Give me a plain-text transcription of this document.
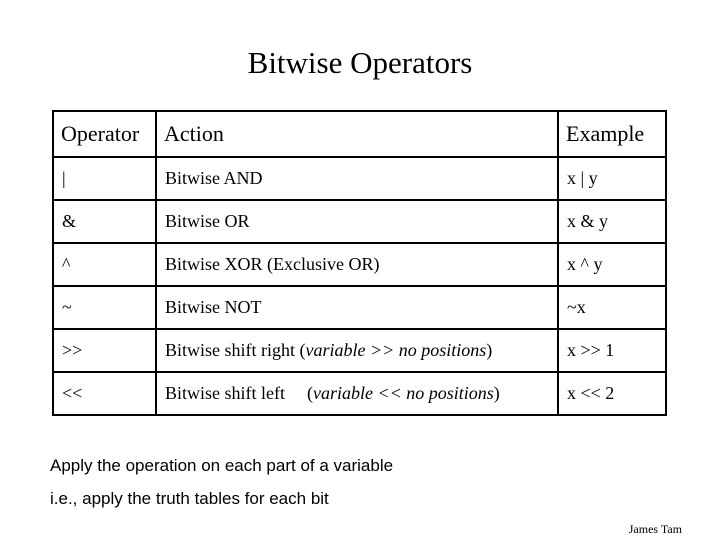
Bitwise Operators
Operator	Action	Example
|	Bitwise AND	x | y
&	Bitwise OR	x & y
^	Bitwise XOR (Exclusive OR)	x ^ y
~	Bitwise NOT	~x
>>	Bitwise shift right (variable >> no positions)	x >> 1
<<	Bitwise shift left (variable << no positions)	x << 2

Apply the operation on each part of a variable

i.e., apply the truth tables for each bit

James Tam
